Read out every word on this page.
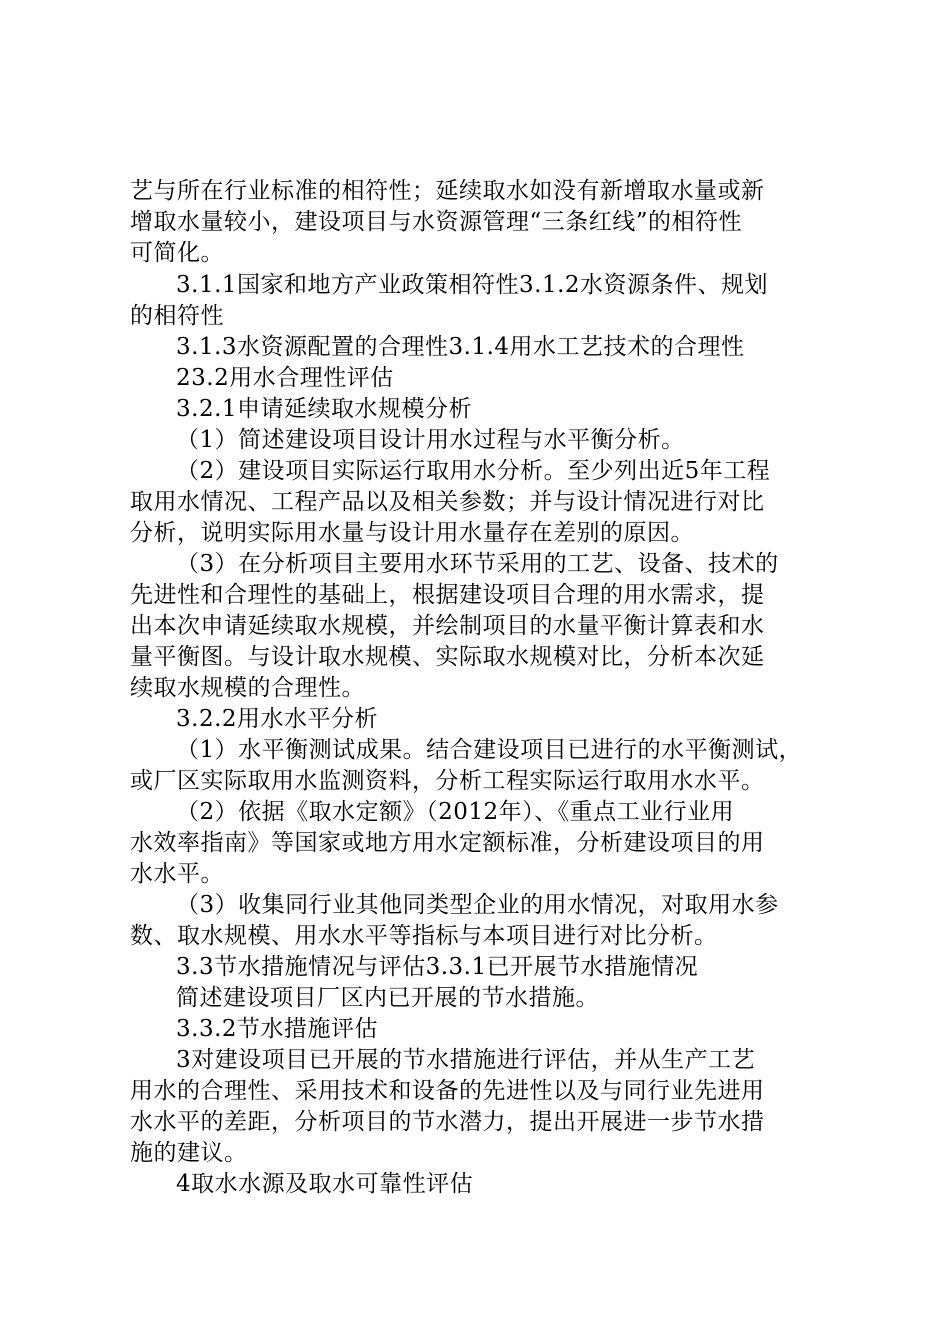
艺与所在行业标准的相符性；延续取水如没有新增取水量或新

增取水量较小，建设项目与水资源管理“三条红线”的相符性

可简化。

3.1.1国家和地方产业政策相符性3.1.2水资源条件、规划

的相符性

3.1.3水资源配置的合理性3.1.4用水工艺技术的合理性

23.2用水合理性评估

3.2.1申请延续取水规模分析

（1）简述建设项目设计用水过程与水平衡分析。

（2）建设项目实际运行取用水分析。至少列出近5年工程

取用水情况、工程产品以及相关参数；并与设计情况进行对比

分析，说明实际用水量与设计用水量存在差别的原因。

（3）在分析项目主要用水环节采用的工艺、设备、技术的

先进性和合理性的基础上，根据建设项目合理的用水需求，提

出本次申请延续取水规模，并绘制项目的水量平衡计算表和水

量平衡图。与设计取水规模、实际取水规模对比，分析本次延

续取水规模的合理性。

3.2.2用水水平分析

（1）水平衡测试成果。结合建设项目已进行的水平衡测试，

或厂区实际取用水监测资料，分析工程实际运行取用水水平。

（2）依据《取水定额》（2012年）、《重点工业行业用

水效率指南》等国家或地方用水定额标准，分析建设项目的用

水水平。

（3）收集同行业其他同类型企业的用水情况，对取用水参

数、取水规模、用水水平等指标与本项目进行对比分析。

3.3节水措施情况与评估3.3.1已开展节水措施情况

简述建设项目厂区内已开展的节水措施。

3.3.2节水措施评估

3对建设项目已开展的节水措施进行评估，并从生产工艺

用水的合理性、采用技术和设备的先进性以及与同行业先进用

水水平的差距，分析项目的节水潜力，提出开展进一步节水措

施的建议。

4取水水源及取水可靠性评估
